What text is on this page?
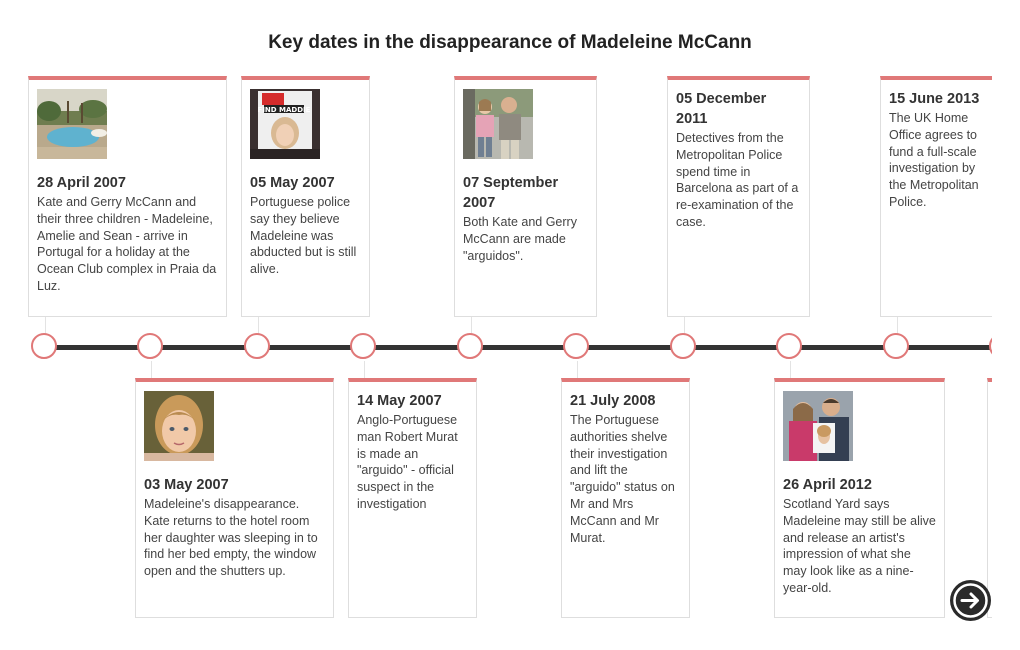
Key dates in the disappearance of Madeleine McCann
28 April 2007
Kate and Gerry McCann and their three children - Madeleine, Amelie and Sean - arrive in Portugal for a holiday at the Ocean Club complex in Praia da Luz.
03 May 2007
Madeleine's disappearance. Kate returns to the hotel room her daughter was sleeping in to find her bed empty, the window open and the shutters up.
FIND MADDIE
05 May 2007
Portuguese police say they believe Madeleine was abducted but is still alive.
14 May 2007
Anglo-Portuguese man Robert Murat is made an "arguido" - official suspect in the investigation
07 September 2007
Both Kate and Gerry McCann are made "arguidos".
21 July 2008
The Portuguese authorities shelve their investigation and lift the "arguido" status on Mr and Mrs McCann and Mr Murat.
05 December 2011
Detectives from the Metropolitan Police spend time in Barcelona as part of a re-examination of the case.
26 April 2012
Scotland Yard says Madeleine may still be alive and release an artist's impression of what she may look like as a nine-year-old.
15 June 2013
The UK Home Office agrees to fund a full-scale investigation by the Metropolitan Police.
